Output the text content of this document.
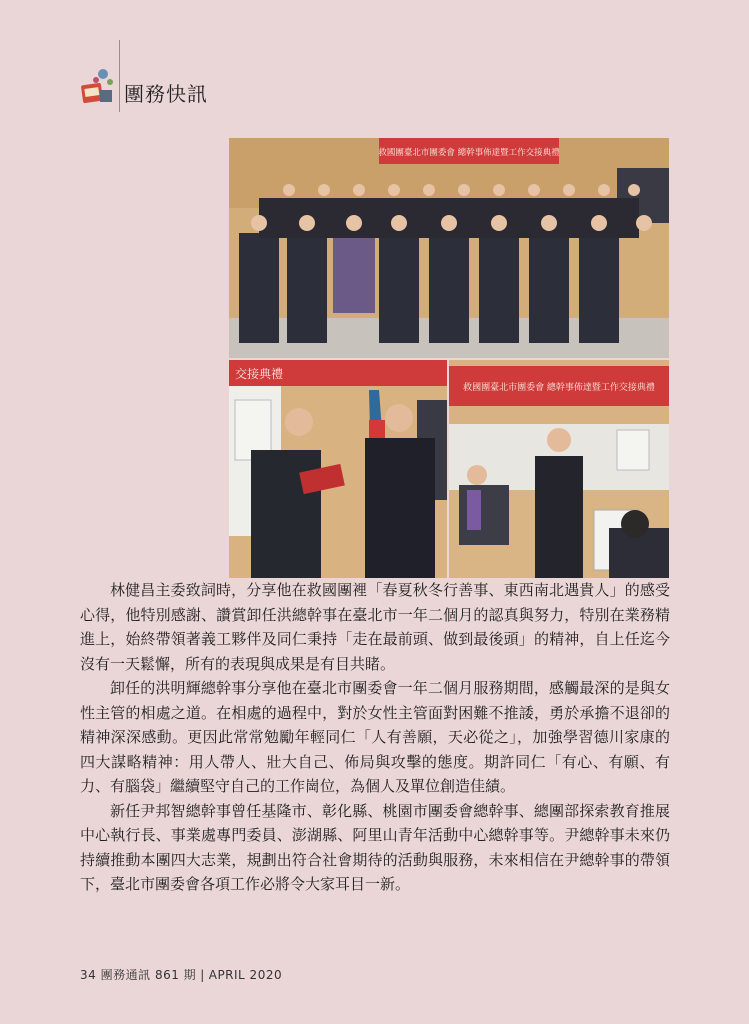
團務快訊
救國團臺北市團委會 總幹事佈達暨工作交接典禮
交接典禮
救國團臺北市團委會 總幹事佈達暨工作交接典禮

林健昌主委致詞時，分享他在救國團裡「春夏秋冬行善事、東西南北遇貴人」的感受心得，他特別感謝、讚賞卸任洪總幹事在臺北市一年二個月的認真與努力，特別在業務精進上，始終帶領著義工夥伴及同仁秉持「走在最前頭、做到最後頭」的精神，自上任迄今沒有一天鬆懈，所有的表現與成果是有目共睹。

卸任的洪明輝總幹事分享他在臺北市團委會一年二個月服務期間，感觸最深的是與女性主管的相處之道。在相處的過程中，對於女性主管面對困難不推諉，勇於承擔不退卻的精神深深感動。更因此常常勉勵年輕同仁「人有善願，天必從之」，加強學習德川家康的四大謀略精神：用人帶人、壯大自己、佈局與攻擊的態度。期許同仁「有心、有願、有力、有腦袋」繼續堅守自己的工作崗位，為個人及單位創造佳績。

新任尹邦智總幹事曾任基隆市、彰化縣、桃園市團委會總幹事、總團部探索教育推展中心執行長、事業處專門委員、澎湖縣、阿里山青年活動中心總幹事等。尹總幹事未來仍持續推動本團四大志業，規劃出符合社會期待的活動與服務，未來相信在尹總幹事的帶領下，臺北市團委會各項工作必將令大家耳目一新。

34 團務通訊 861 期 | APRIL 2020
